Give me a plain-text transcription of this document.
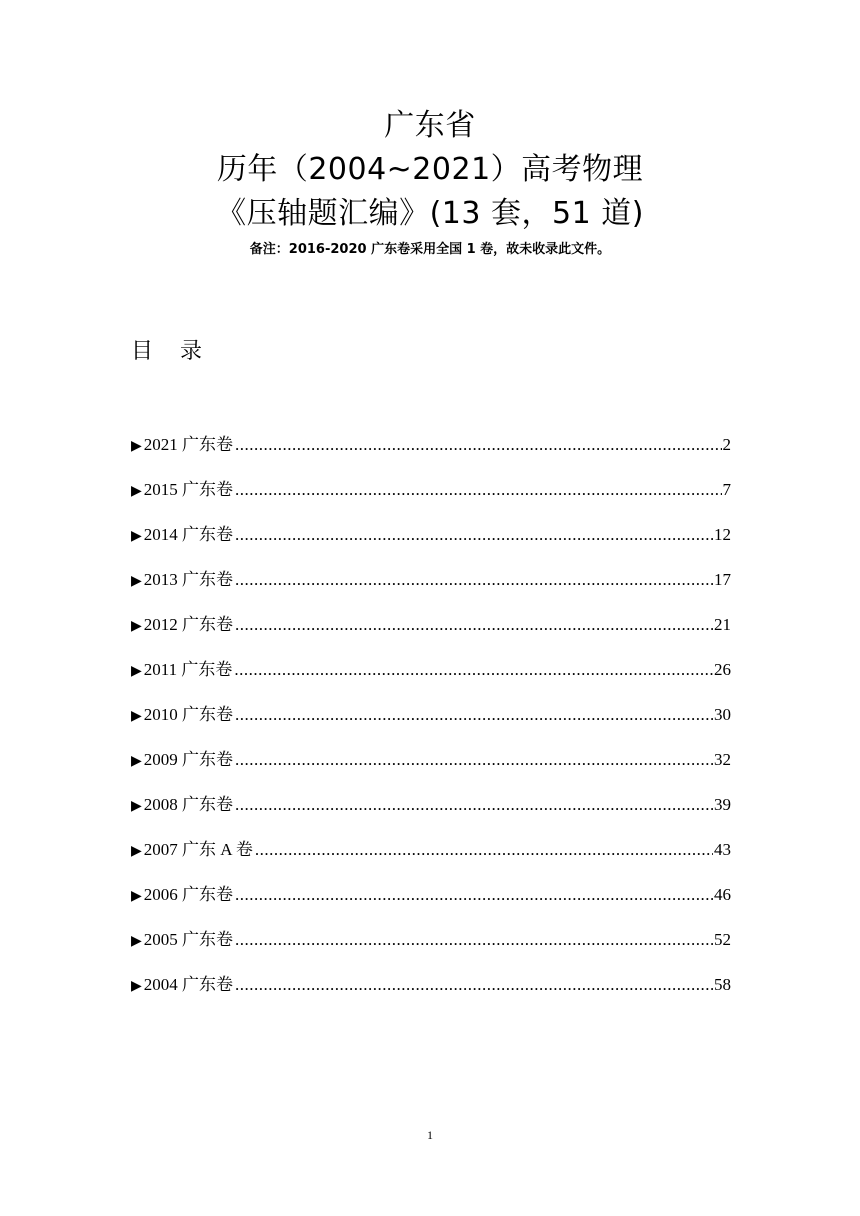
广东省
历年（2004~2021）高考物理
《压轴题汇编》(13 套，51 道)
备注：2016-2020 广东卷采用全国 1 卷，故未收录此文件。
目 录
▶ 2021 广东卷 .....	2
▶ 2015 广东卷 .....	7
▶ 2014 广东卷 .....	12
▶ 2013 广东卷 .....	17
▶ 2012 广东卷 .....	21
▶ 2011 广东卷 .....	26
▶ 2010 广东卷 .....	30
▶ 2009 广东卷 .....	32
▶ 2008 广东卷 .....	39
▶ 2007 广东 A 卷 .....	43
▶ 2006 广东卷 .....	46
▶ 2005 广东卷 .....	52
▶ 2004 广东卷 .....	58
1
